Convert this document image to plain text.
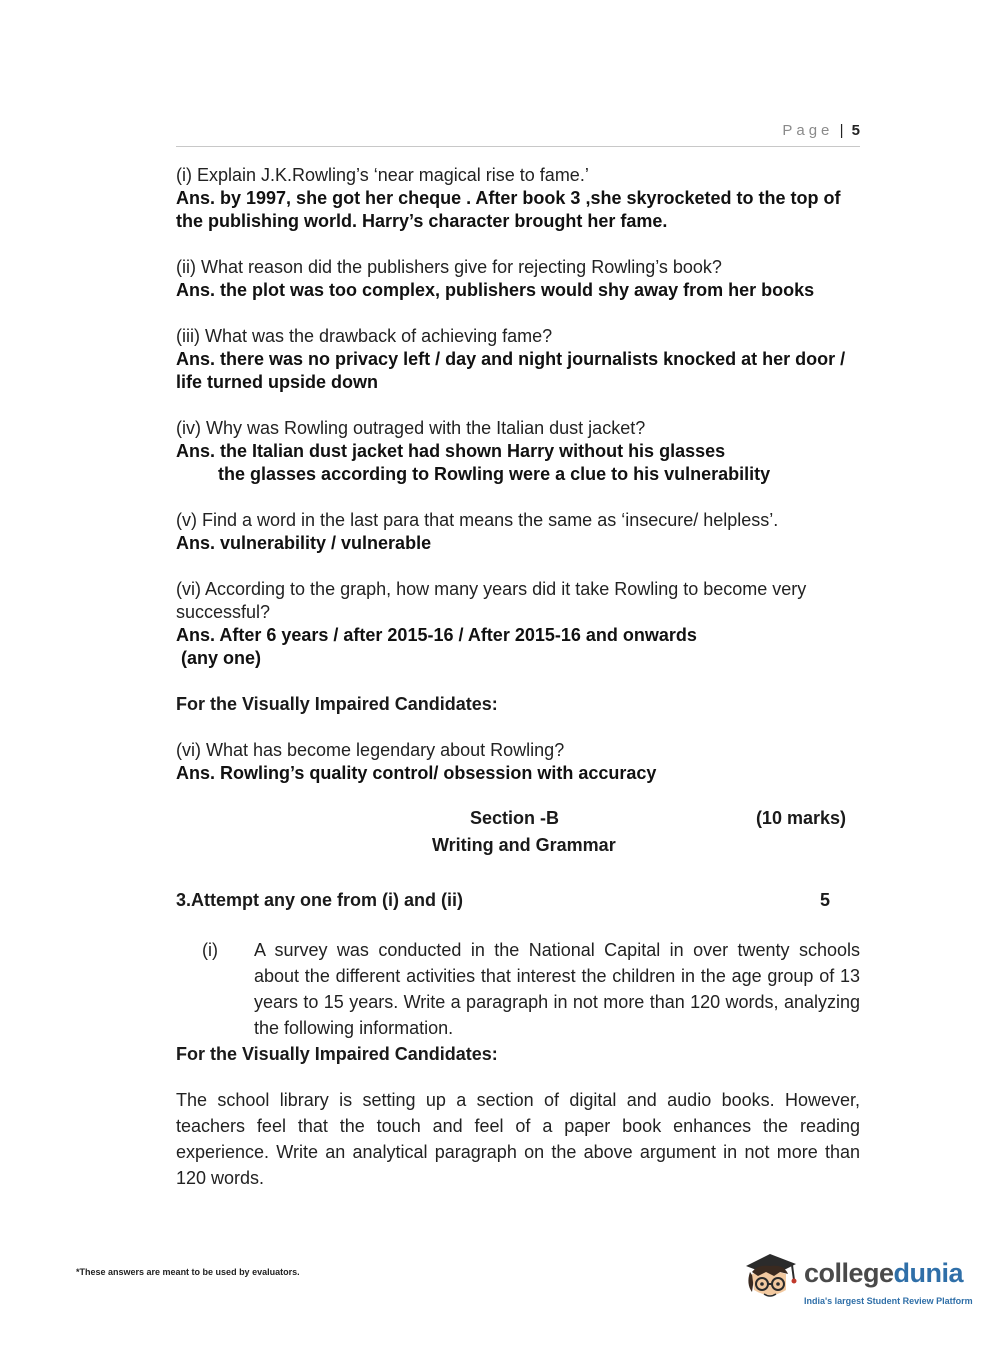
Page | 5
(i) Explain J.K.Rowling’s ‘near magical rise to fame.’
Ans. by 1997, she got her cheque . After book 3 ,she skyrocketed to the top of the publishing world. Harry’s character brought her fame.
(ii) What reason did the publishers give for rejecting Rowling’s book?
Ans. the plot was too complex, publishers would shy away from her books
(iii) What was the drawback of achieving fame?
Ans. there was no privacy left / day and night journalists knocked at her door / life turned upside down
(iv) Why was Rowling outraged with the Italian dust jacket?
Ans. the Italian dust jacket had shown Harry without his glasses
the glasses according to Rowling were a clue to his vulnerability
(v) Find a word in the last para that means the same as ‘insecure/ helpless’.
Ans. vulnerability / vulnerable
(vi) According to the graph, how many years did it take Rowling to become very successful?
Ans. After 6 years / after 2015-16 / After 2015-16 and onwards
(any one)
For the Visually Impaired Candidates:
(vi) What has become legendary about Rowling?
Ans. Rowling’s quality control/ obsession with accuracy
Section -B	(10 marks)
Writing and Grammar
3.Attempt any one from (i) and (ii)	5
(i)	A survey was conducted in the National Capital in over twenty schools about the different activities that interest the children in the age group of 13 years to 15 years. Write a paragraph in not more than 120 words, analyzing the following information.
For the Visually Impaired Candidates:
The school library is setting up a section of digital and audio books. However, teachers feel that the touch and feel of a paper book enhances the reading experience. Write an analytical paragraph on the above argument in not more than 120 words.
*These answers are meant to be used by evaluators.	collegedunia
India's largest Student Review Platform
